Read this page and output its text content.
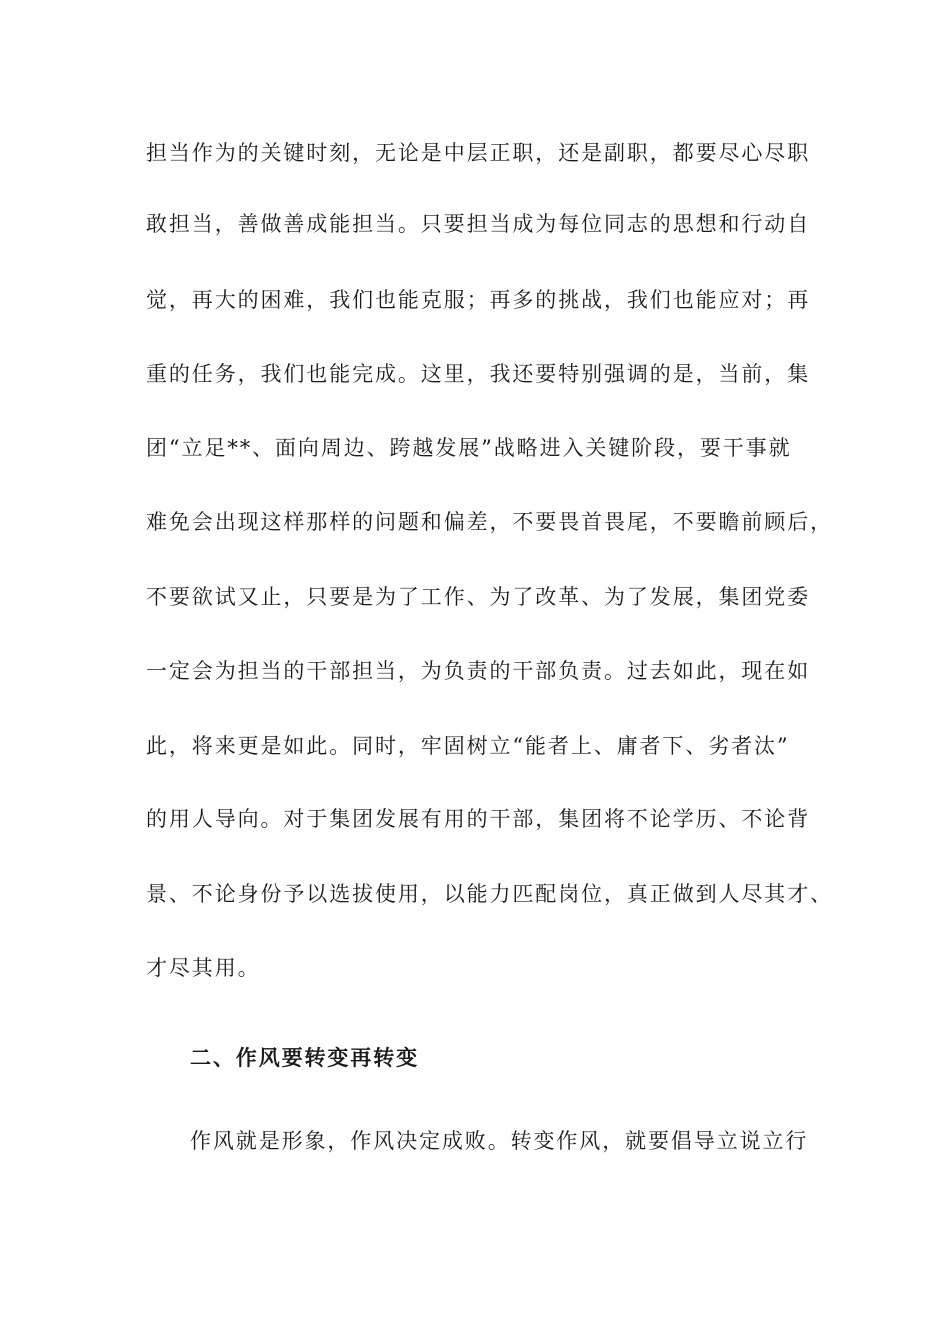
担当作为的关键时刻，无论是中层正职，还是副职，都要尽心尽职
敢担当，善做善成能担当。只要担当成为每位同志的思想和行动自
觉，再大的困难，我们也能克服；再多的挑战，我们也能应对；再
重的任务，我们也能完成。这里，我还要特别强调的是，当前，集
团“立足**、面向周边、跨越发展”战略进入关键阶段，要干事就
难免会出现这样那样的问题和偏差，不要畏首畏尾，不要瞻前顾后，
不要欲试又止，只要是为了工作、为了改革、为了发展，集团党委
一定会为担当的干部担当，为负责的干部负责。过去如此，现在如
此，将来更是如此。同时，牢固树立“能者上、庸者下、劣者汰”
的用人导向。对于集团发展有用的干部，集团将不论学历、不论背
景、不论身份予以选拔使用，以能力匹配岗位，真正做到人尽其才、
才尽其用。
二、作风要转变再转变
作风就是形象，作风决定成败。转变作风，就要倡导立说立行
